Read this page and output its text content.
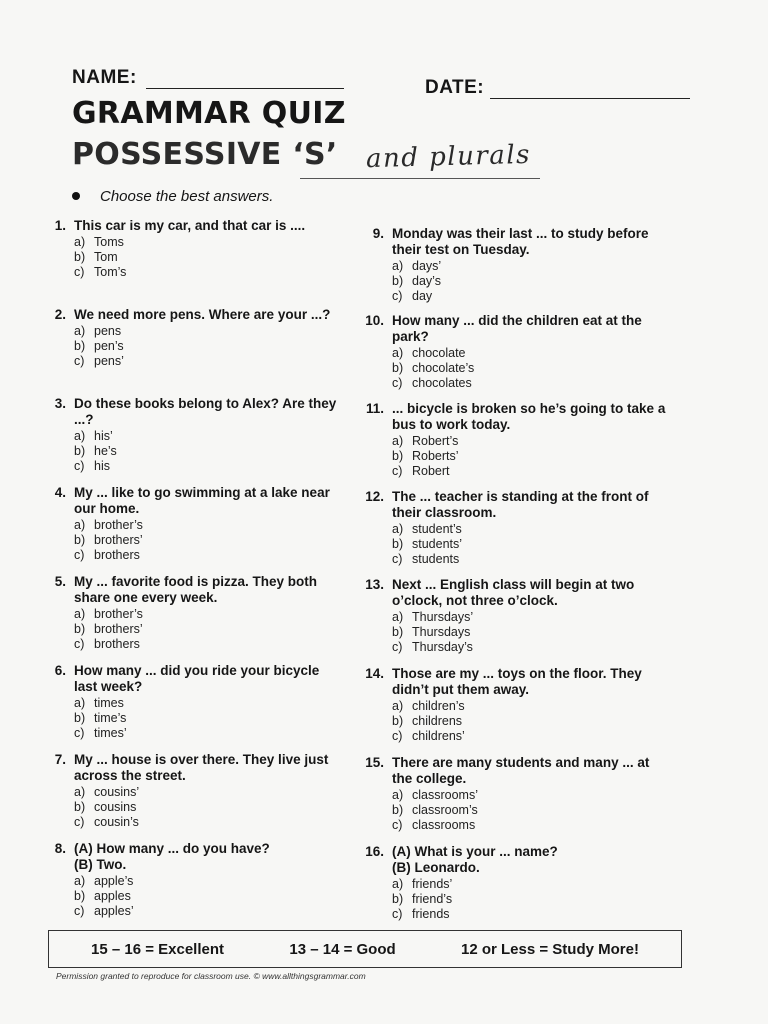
NAME:	DATE:
GRAMMAR QUIZ
POSSESSIVE ‘S’ and plurals
Choose the best answers.
1. This car is my car, and that car is ....
a) Toms
b) Tom
c) Tom’s
2. We need more pens. Where are your ...?
a) pens
b) pen’s
c) pens’
3. Do these books belong to Alex? Are they ...?
a) his’
b) he’s
c) his
4. My ... like to go swimming at a lake near our home.
a) brother’s
b) brothers’
c) brothers
5. My ... favorite food is pizza. They both share one every week.
a) brother’s
b) brothers’
c) brothers
6. How many ... did you ride your bicycle last week?
a) times
b) time’s
c) times’
7. My ... house is over there. They live just across the street.
a) cousins’
b) cousins
c) cousin’s
8. (A) How many ... do you have?
(B) Two.
a) apple’s
b) apples
c) apples’
9. Monday was their last ... to study before their test on Tuesday.
a) days’
b) day’s
c) day
10. How many ... did the children eat at the park?
a) chocolate
b) chocolate’s
c) chocolates
11. ... bicycle is broken so he’s going to take a bus to work today.
a) Robert’s
b) Roberts’
c) Robert
12. The ... teacher is standing at the front of their classroom.
a) student’s
b) students’
c) students
13. Next ... English class will begin at two o’clock, not three o’clock.
a) Thursdays’
b) Thursdays
c) Thursday’s
14. Those are my ... toys on the floor. They didn’t put them away.
a) children’s
b) childrens
c) childrens’
15. There are many students and many ... at the college.
a) classrooms’
b) classroom’s
c) classrooms
16. (A) What is your ... name?
(B) Leonardo.
a) friends’
b) friend’s
c) friends
15 – 16 = Excellent	13 – 14 = Good	12 or Less = Study More!
Permission granted to reproduce for classroom use. © www.allthingsgrammar.com
